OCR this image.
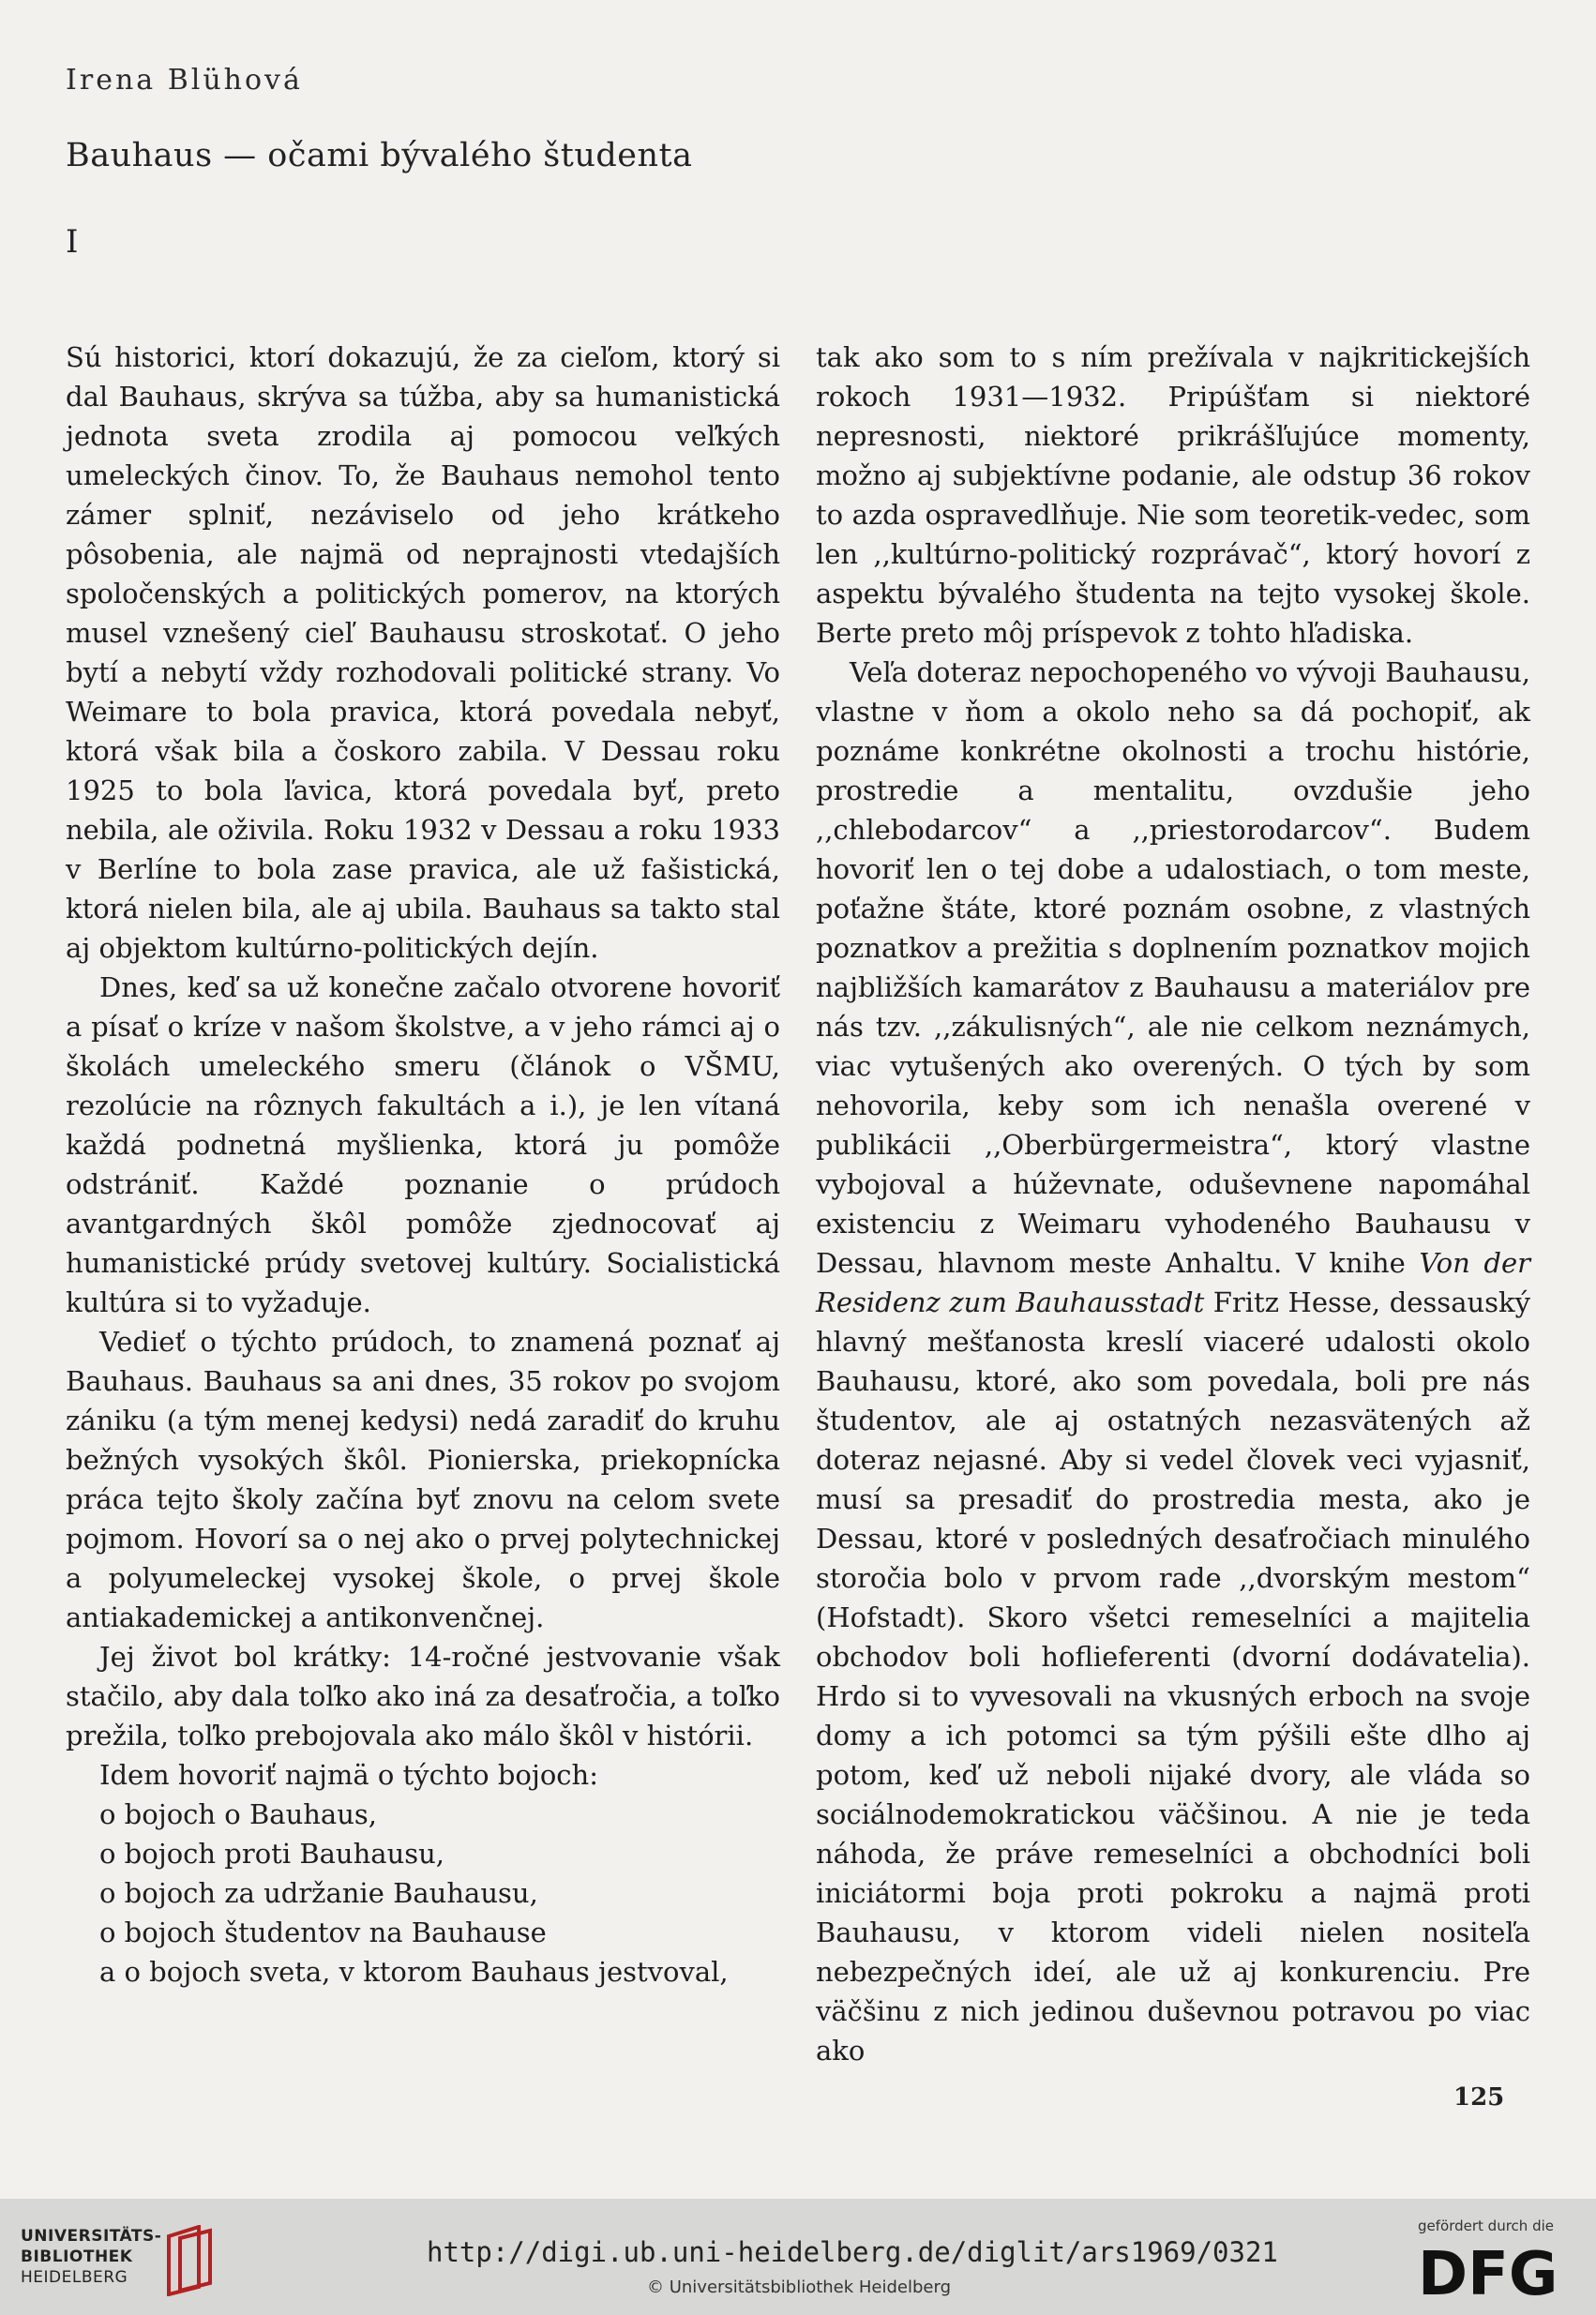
Irena Blühová
Bauhaus — očami bývalého študenta
I

Sú historici, ktorí dokazujú, že za cieľom, ktorý si dal Bauhaus, skrýva sa túžba, aby sa humanistická jednota sveta zrodila aj pomocou veľkých umeleckých činov. To, že Bauhaus nemohol tento zámer splniť, nezáviselo od jeho krátkeho pôsobenia, ale najmä od neprajnosti vtedajších spoločenských a politických pomerov, na ktorých musel vznešený cieľ Bauhausu stroskotať. O jeho bytí a nebytí vždy rozhodovali politické strany. Vo Weimare to bola pravica, ktorá povedala nebyť, ktorá však bila a čoskoro zabila. V Dessau roku 1925 to bola ľavica, ktorá povedala byť, preto nebila, ale oživila. Roku 1932 v Dessau a roku 1933 v Berlíne to bola zase pravica, ale už fašistická, ktorá nielen bila, ale aj ubila. Bauhaus sa takto stal aj objektom kultúrno-politických dejín.

Dnes, keď sa už konečne začalo otvorene hovoriť a písať o kríze v našom školstve, a v jeho rámci aj o školách umeleckého smeru (článok o VŠMU, rezolúcie na rôznych fakultách a i.), je len vítaná každá podnetná myšlienka, ktorá ju pomôže odstrániť. Každé poznanie o prúdoch avantgardných škôl pomôže zjednocovať aj humanistické prúdy svetovej kultúry. Socialistická kultúra si to vyžaduje.

Vedieť o týchto prúdoch, to znamená poznať aj Bauhaus. Bauhaus sa ani dnes, 35 rokov po svojom zániku (a tým menej kedysi) nedá zaradiť do kruhu bežných vysokých škôl. Pionierska, priekopnícka práca tejto školy začína byť znovu na celom svete pojmom. Hovorí sa o nej ako o prvej polytechnickej a polyumeleckej vysokej škole, o prvej škole antiakademickej a antikonvenčnej.

Jej život bol krátky: 14-ročné jestvovanie však stačilo, aby dala toľko ako iná za desaťročia, a toľko prežila, toľko prebojovala ako málo škôl v histórii.

Idem hovoriť najmä o týchto bojoch:
o bojoch o Bauhaus,
o bojoch proti Bauhausu,
o bojoch za udržanie Bauhausu,
o bojoch študentov na Bauhause
a o bojoch sveta, v ktorom Bauhaus jestvoval,

tak ako som to s ním prežívala v najkritickejších rokoch 1931—1932. Pripúšťam si niektoré nepresnosti, niektoré prikrášľujúce momenty, možno aj subjektívne podanie, ale odstup 36 rokov to azda ospravedlňuje. Nie som teoretik-vedec, som len ,,kultúrno-politický rozprávač“, ktorý hovorí z aspektu bývalého študenta na tejto vysokej škole. Berte preto môj príspevok z tohto hľadiska.

Veľa doteraz nepochopeného vo vývoji Bauhausu, vlastne v ňom a okolo neho sa dá pochopiť, ak poznáme konkrétne okolnosti a trochu histórie, prostredie a mentalitu, ovzdušie jeho ,,chlebodarcov“ a ,,priestorodarcov“. Budem hovoriť len o tej dobe a udalostiach, o tom meste, poťažne štáte, ktoré poznám osobne, z vlastných poznatkov a prežitia s doplnením poznatkov mojich najbližších kamarátov z Bauhausu a materiálov pre nás tzv. ,,zákulisných“, ale nie celkom neznámych, viac vytušených ako overených. O tých by som nehovorila, keby som ich nenašla overené v publikácii ,,Oberbürgermeistra“, ktorý vlastne vybojoval a húževnate, oduševnene napomáhal existenciu z Weimaru vyhodeného Bauhausu v Dessau, hlavnom meste Anhaltu. V knihe Von der Residenz zum Bauhausstadt Fritz Hesse, dessauský hlavný mešťanosta kreslí viaceré udalosti okolo Bauhausu, ktoré, ako som povedala, boli pre nás študentov, ale aj ostatných nezasvätených až doteraz nejasné. Aby si vedel človek veci vyjasniť, musí sa presadiť do prostredia mesta, ako je Dessau, ktoré v posledných desaťročiach minulého storočia bolo v prvom rade ,,dvorským mestom“ (Hofstadt). Skoro všetci remeselníci a majitelia obchodov boli hoflieferenti (dvorní dodávatelia). Hrdo si to vyvesovali na vkusných erboch na svoje domy a ich potomci sa tým pýšili ešte dlho aj potom, keď už neboli nijaké dvory, ale vláda so sociálnodemokratickou väčšinou. A nie je teda náhoda, že práve remeselníci a obchodníci boli iniciátormi boja proti pokroku a najmä proti Bauhausu, v ktorom videli nielen nositeľa nebezpečných ideí, ale už aj konkurenciu. Pre väčšinu z nich jedinou duševnou potravou po viac ako

125
UNIVERSITÄTS-
BIBLIOTHEK
HEIDELBERG
http://digi.ub.uni-heidelberg.de/diglit/ars1969/0321
© Universitätsbibliothek Heidelberg
gefördert durch die
DFG
